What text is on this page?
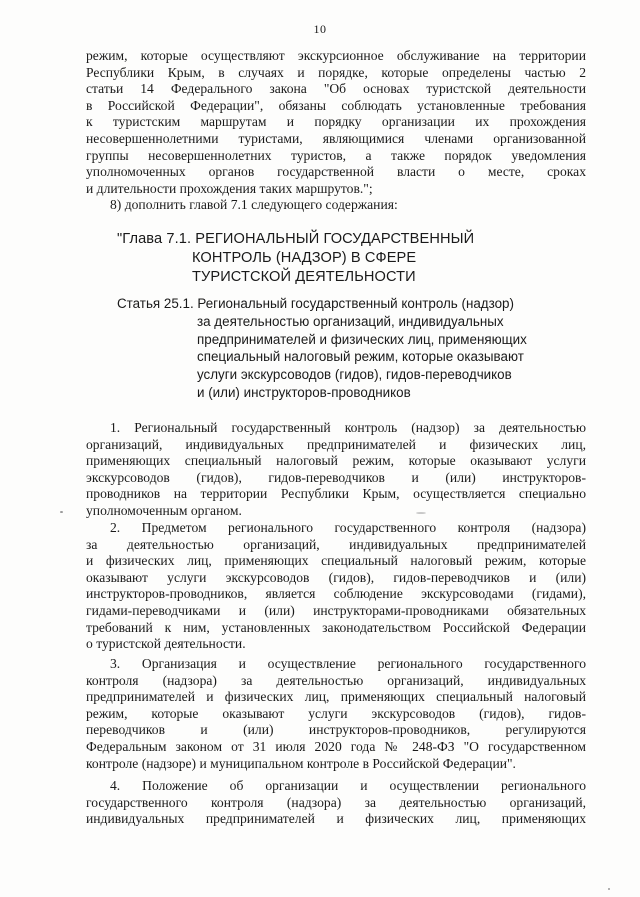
10
режим, которые осуществляют экскурсионное обслуживание на территории
Республики Крым, в случаях и порядке, которые определены частью 2
статьи 14 Федерального закона "Об основах туристской деятельности
в Российской Федерации", обязаны соблюдать установленные требования
к туристским маршрутам и порядку организации их прохождения
несовершеннолетними туристами, являющимися членами организованной
группы несовершеннолетних туристов, а также порядок уведомления
уполномоченных органов государственной власти о месте, сроках
и длительности прохождения таких маршрутов.";
8) дополнить главой 7.1 следующего содержания:
"Глава 7.1. РЕГИОНАЛЬНЫЙ ГОСУДАРСТВЕННЫЙ
КОНТРОЛЬ (НАДЗОР) В СФЕРЕ
ТУРИСТСКОЙ ДЕЯТЕЛЬНОСТИ
Статья 25.1. Региональный государственный контроль (надзор)
за деятельностью организаций, индивидуальных
предпринимателей и физических лиц, применяющих
специальный налоговый режим, которые оказывают
услуги экскурсоводов (гидов), гидов-переводчиков
и (или) инструкторов-проводников
1. Региональный государственный контроль (надзор) за деятельностью
организаций, индивидуальных предпринимателей и физических лиц,
применяющих специальный налоговый режим, которые оказывают услуги
экскурсоводов (гидов), гидов-переводчиков и (или) инструкторов-
проводников на территории Республики Крым, осуществляется специально
уполномоченным органом.
2. Предметом регионального государственного контроля (надзора)
за деятельностью организаций, индивидуальных предпринимателей
и физических лиц, применяющих специальный налоговый режим, которые
оказывают услуги экскурсоводов (гидов), гидов-переводчиков и (или)
инструкторов-проводников, является соблюдение экскурсоводами (гидами),
гидами-переводчиками и (или) инструкторами-проводниками обязательных
требований к ним, установленных законодательством Российской Федерации
о туристской деятельности.
3. Организация и осуществление регионального государственного
контроля (надзора) за деятельностью организаций, индивидуальных
предпринимателей и физических лиц, применяющих специальный налоговый
режим, которые оказывают услуги экскурсоводов (гидов), гидов-
переводчиков и (или) инструкторов-проводников, регулируются
Федеральным законом от 31 июля 2020 года № 248-ФЗ "О государственном
контроле (надзоре) и муниципальном контроле в Российской Федерации".
4. Положение об организации и осуществлении регионального
государственного контроля (надзора) за деятельностью организаций,
индивидуальных предпринимателей и физических лиц, применяющих
